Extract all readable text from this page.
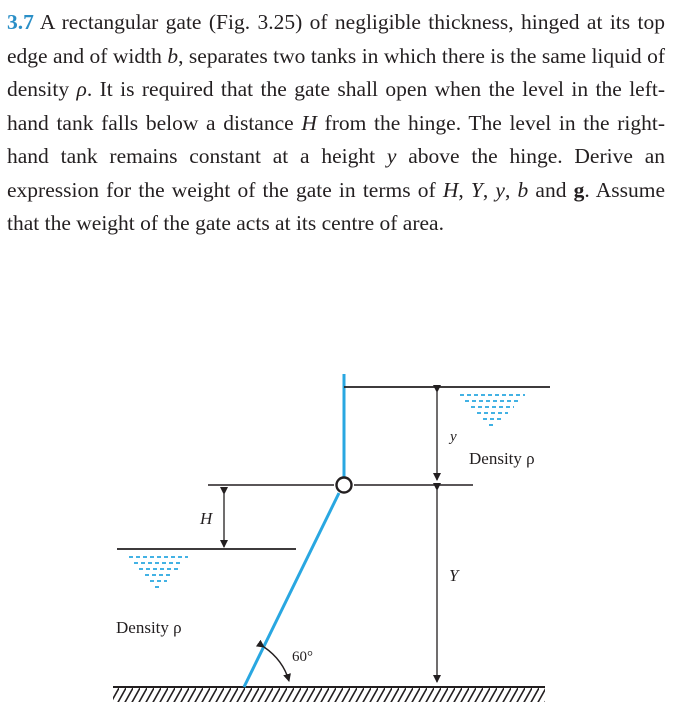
3.7 A rectangular gate (Fig. 3.25) of negligible thickness, hinged at its top edge and of width b, separates two tanks in which there is the same liquid of density ρ. It is required that the gate shall open when the level in the left-hand tank falls below a distance H from the hinge. The level in the right-hand tank remains constant at a height y above the hinge. Derive an expression for the weight of the gate in terms of H, Y, y, b and g. Assume that the weight of the gate acts at its centre of area.
H
y
Y
Density ρ
Density ρ
60°
